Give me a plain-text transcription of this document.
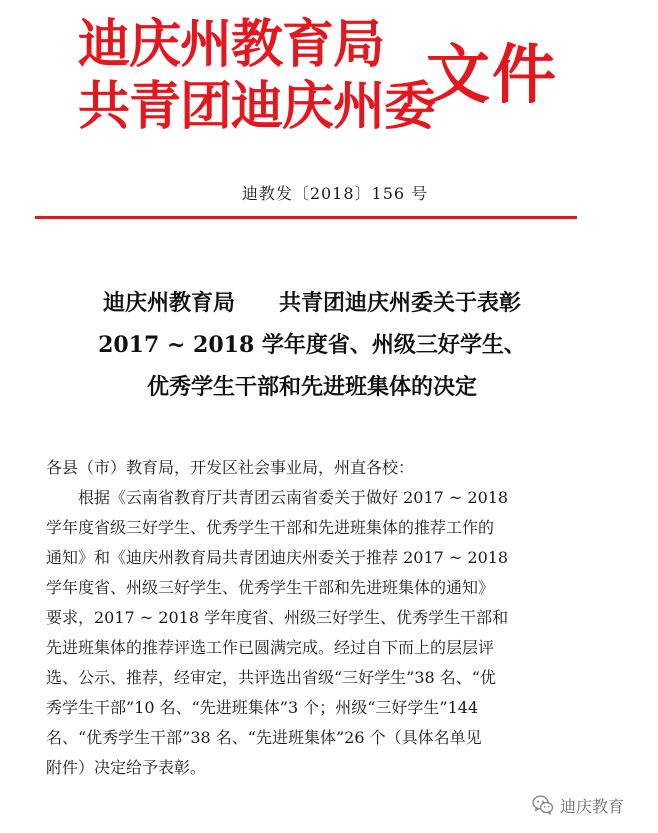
迪庆州教育局
共青团迪庆州委
文件
迪教发〔2018〕156 号
迪庆州教育局　　共青团迪庆州委关于表彰
2017 ~ 2018 学年度省、州级三好学生、
优秀学生干部和先进班集体的决定
各县（市）教育局，开发区社会事业局，州直各校：
根据《云南省教育厅共青团云南省委关于做好 2017 ~ 2018
学年度省级三好学生、优秀学生干部和先进班集体的推荐工作的
通知》和《迪庆州教育局共青团迪庆州委关于推荐 2017 ~ 2018
学年度省、州级三好学生、优秀学生干部和先进班集体的通知》
要求，2017 ~ 2018 学年度省、州级三好学生、优秀学生干部和
先进班集体的推荐评选工作已圆满完成。经过自下而上的层层评
选、公示、推荐，经审定，共评选出省级“三好学生”38 名、“优
秀学生干部”10 名、“先进班集体”3 个；州级“三好学生”144
名、“优秀学生干部”38 名、“先进班集体”26 个（具体名单见
附件）决定给予表彰。
迪庆教育
